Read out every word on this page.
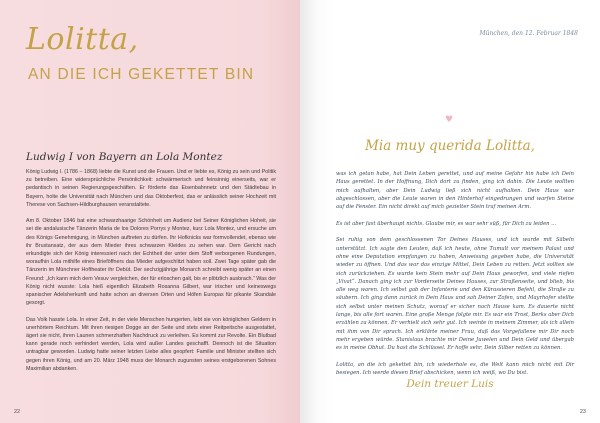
Lolitta,
AN DIE ICH GEKETTET BIN
Ludwig I von Bayern an Lola Montez

König Ludwig I. (1786 – 1868) liebte die Kunst und die Frauen. Und er liebte es, König zu sein und Politik zu betreiben. Eine widersprüchliche Persönlichkeit: schwärmerisch und feinsinnig einerseits, war er pedantisch in seinen Regierungsgeschäften. Er förderte das Eisenbahnnetz und den Städtebau in Bayern, holte die Universität nach München und das Oktoberfest, das er anlässlich seiner Hochzeit mit Therese von Sachsen-Hildburghausen veranstaltete.

Am 8. Oktober 1846 bat eine schwarzhaarige Schönheit um Audienz bei Seiner Königlichen Hoheit, sie sei die andalusische Tänzerin Maria de los Dolores Porrys y Montez, kurz Lola Montez, und ersuche um des Königs Genehmigung, in München auftreten zu dürfen. Ihr Hofknicks war formvollendet, ebenso wie ihr Brustansatz, der aus dem Mieder ihres schwarzen Kleides zu sehen war. Dem Gericht nach erkundigte sich der König interessiert nach der Echtheit der unter dem Stoff verborgenen Rundungen, woraufhin Lola mithilfe eines Brieföffners das Mieder aufgeschlitzt haben soll. Zwei Tage später gab die Tänzerin im Münchner Hoftheater ihr Debüt. Der sechzigjährige Monarch schreibt wenig später an einen Freund: „Ich kann mich dem Vesuv vergleichen, der für erloschen galt, bis er plötzlich ausbrach.“ Was der König nicht wusste: Lola hieß eigentlich Elizabeth Rosanna Gilbert, war irischer und keineswegs spanischer Adelsherkunft und hatte schon an diversen Orten und Höfen Europas für pikante Skandale gesorgt.

Das Volk hasste Lola. In einer Zeit, in der viele Menschen hungerten, lebt sie von königlichen Geldern in unerhörtem Reichtum. Mit ihren riesigen Dogge an der Seite und stets einer Reitpeitsche ausgestattet, ägert sie nicht, ihren Launen schmerzhaften Nachdruck zu verleihen. Es kommt zur Revolte. Ein Blutbad kann gerade noch verhindert werden, Lola wird außer Landes geschafft. Dennoch ist die Situation untragbar geworden. Ludwig hatte seiner letzten Liebe alles geopfert: Familie und Minister stellten sich gegen ihren König, und am 20. März 1948 muss der Monarch zugunsten seines erstgeborenen Sohnes Maximilian abdanken.

22
München, den 12. Februar 1848
♥
Mia muy querida Lolitta,

was ich getan habe, hat Dein Leben gerettet, und auf meine Gefahr hin habe ich Dein Haus gerettet. In der Hoffnung, Dich dort zu finden, ging ich dahin. Die Leute wollten mich aufhalten, aber Dein Ludwig ließ sich nicht aufhalten. Dein Haus war abgeschlossen, aber die Leute waren in den Hinterhof eingedrungen und warfen Steine auf die Fenster. Ein nicht direkt auf mich gezielter Stein traf meinen Arm.

Es ist aber fast überhaupt nichts. Glaube mir, es war sehr süß, für Dich zu leiden …

Sei ruhig von dem geschlossenen Tor Deines Hauses, und ich wurde mit Säbeln unterstützt. Ich sagte den Leuten, daß ich heute, ohne Tumult vor meinem Palast und ohne eine Deputation empfangen zu haben, Anweisung gegeben habe, die Universität wieder zu öffnen. Und das war das einzige Mittel, Dein Leben zu retten. Jetzt sollten sie sich zurückziehen. Es wurde kein Stein mehr auf Dein Haus geworfen, und viele riefen „Vivat“. Danach ging ich zur Vorderseite Deines Hauses, zur Straßenseite, und blieb, bis alle weg waren. Ich selbst gab der Infanterie und den Kürassieren Befehl, die Straße zu säubern. Ich ging dann zurück in Dein Haus und sah Deiner Zofen, und Mayrhofer stellte sich selbst unter meinen Schutz, worauf er sicher nach Hause kam. Es dauerte nicht lange, bis alle fort waren. Eine große Menge folgte mir. Es war ein Trost, Berks aber Dich erzählen zu können. Er verhielt sich sehr gut. Ich weinte in meinem Zimmer, als ich allein mit ihm von Dir sprach. Ich erklärte meiner Frau, daß das Vorgefallene mir Dir noch mehr ergeben würde. Stanislaus brachte mir Deine Juwelen und Dein Geld und übergab es in meine Obhut. Du hast die Schlüssel. Er hoffe sehr, Dein Silber retten zu können.

Lolitta, an die ich gekettet bin, ich wiederhole es, die Welt kann mich nicht mit Dir besiegen. Ich werde diesen Brief abschicken, wenn ich weiß, wo Du bist.

Dein treuer Luis
23
